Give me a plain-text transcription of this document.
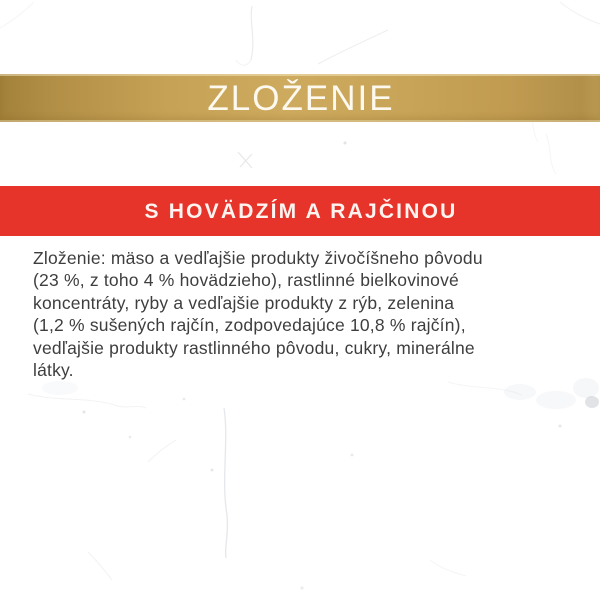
ZLOŽENIE
S HOVÄDZÍM A RAJČINOU
Zloženie: mäso a vedľajšie produkty živočíšneho pôvodu
(23 %, z toho 4 % hovädzieho), rastlinné bielkovinové
koncentráty, ryby a vedľajšie produkty z rýb, zelenina
(1,2 % sušených rajčín, zodpovedajúce 10,8 % rajčín),
vedľajšie produkty rastlinného pôvodu, cukry, minerálne
látky.
